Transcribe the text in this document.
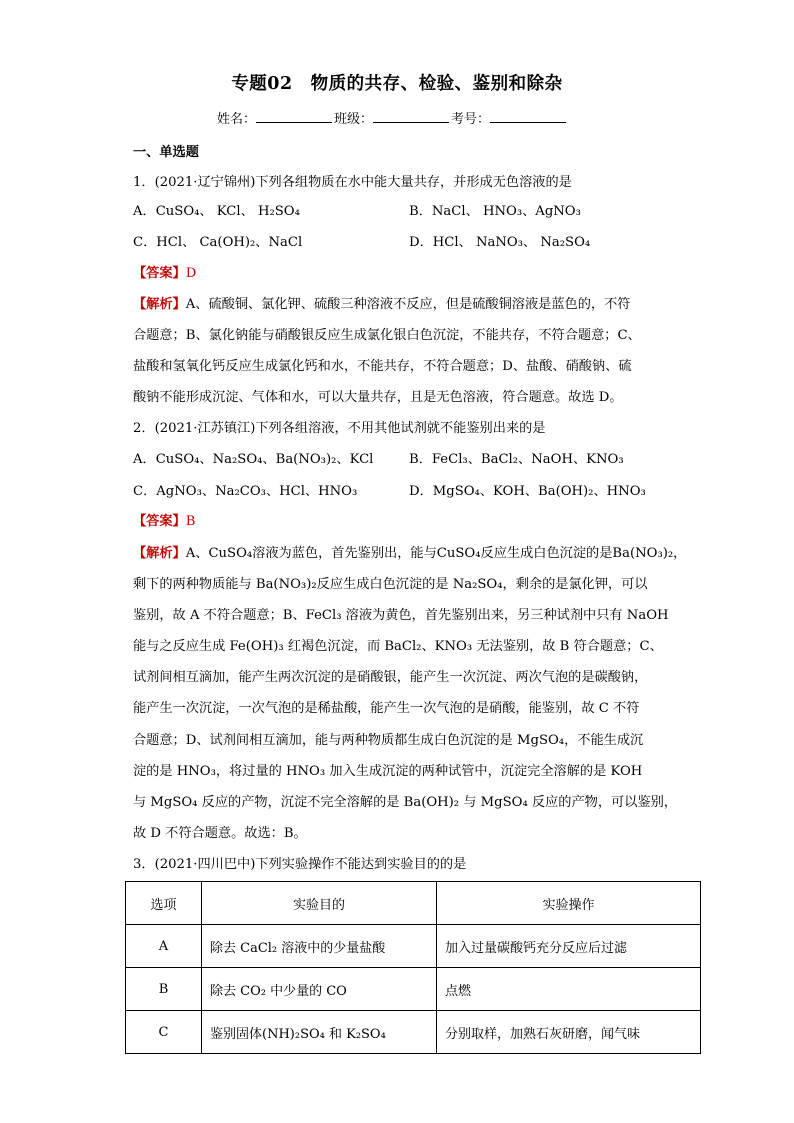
专题02　物质的共存、检验、鉴别和除杂
姓名：	班级：	考号：
一、单选题
1．(2021·辽宁锦州)下列各组物质在水中能大量共存，并形成无色溶液的是
A．CuSO₄、 KCl、 H₂SO₄	B．NaCl、 HNO₃、AgNO₃
C．HCl、 Ca(OH)₂、NaCl	D．HCl、 NaNO₃、 Na₂SO₄
【答案】D
【解析】A、硫酸铜、氯化钾、硫酸三种溶液不反应，但是硫酸铜溶液是蓝色的，不符
合题意；B、氯化钠能与硝酸银反应生成氯化银白色沉淀，不能共存，不符合题意；C、
盐酸和氢氧化钙反应生成氯化钙和水，不能共存，不符合题意；D、盐酸、硝酸钠、硫
酸钠不能形成沉淀、气体和水，可以大量共存，且是无色溶液，符合题意。故选 D。
2．(2021·江苏镇江)下列各组溶液，不用其他试剂就不能鉴别出来的是
A．CuSO₄、Na₂SO₄、Ba(NO₃)₂、KCl	B．FeCl₃、BaCl₂、NaOH、KNO₃
C．AgNO₃、Na₂CO₃、HCl、HNO₃	D．MgSO₄、KOH、Ba(OH)₂、HNO₃
【答案】B
【解析】A、CuSO₄溶液为蓝色，首先鉴别出，能与CuSO₄反应生成白色沉淀的是Ba(NO₃)₂，
剩下的两种物质能与 Ba(NO₃)₂反应生成白色沉淀的是 Na₂SO₄，剩余的是氯化钾，可以
鉴别，故 A 不符合题意；B、FeCl₃ 溶液为黄色，首先鉴别出来，另三种试剂中只有 NaOH
能与之反应生成 Fe(OH)₃ 红褐色沉淀，而 BaCl₂、KNO₃ 无法鉴别，故 B 符合题意；C、
试剂间相互滴加，能产生两次沉淀的是硝酸银，能产生一次沉淀、两次气泡的是碳酸钠，
能产生一次沉淀，一次气泡的是稀盐酸，能产生一次气泡的是硝酸，能鉴别，故 C 不符
合题意；D、试剂间相互滴加，能与两种物质都生成白色沉淀的是 MgSO₄，不能生成沉
淀的是 HNO₃，将过量的 HNO₃ 加入生成沉淀的两种试管中，沉淀完全溶解的是 KOH
与 MgSO₄ 反应的产物，沉淀不完全溶解的是 Ba(OH)₂ 与 MgSO₄ 反应的产物，可以鉴别，
故 D 不符合题意。故选：B。
3．(2021·四川巴中)下列实验操作不能达到实验目的的是
选项	实验目的	实验操作
A	除去 CaCl₂ 溶液中的少量盐酸	加入过量碳酸钙充分反应后过滤
B	除去 CO₂ 中少量的 CO	点燃
C	鉴别固体(NH)₂SO₄ 和 K₂SO₄	分别取样，加熟石灰研磨，闻气味
